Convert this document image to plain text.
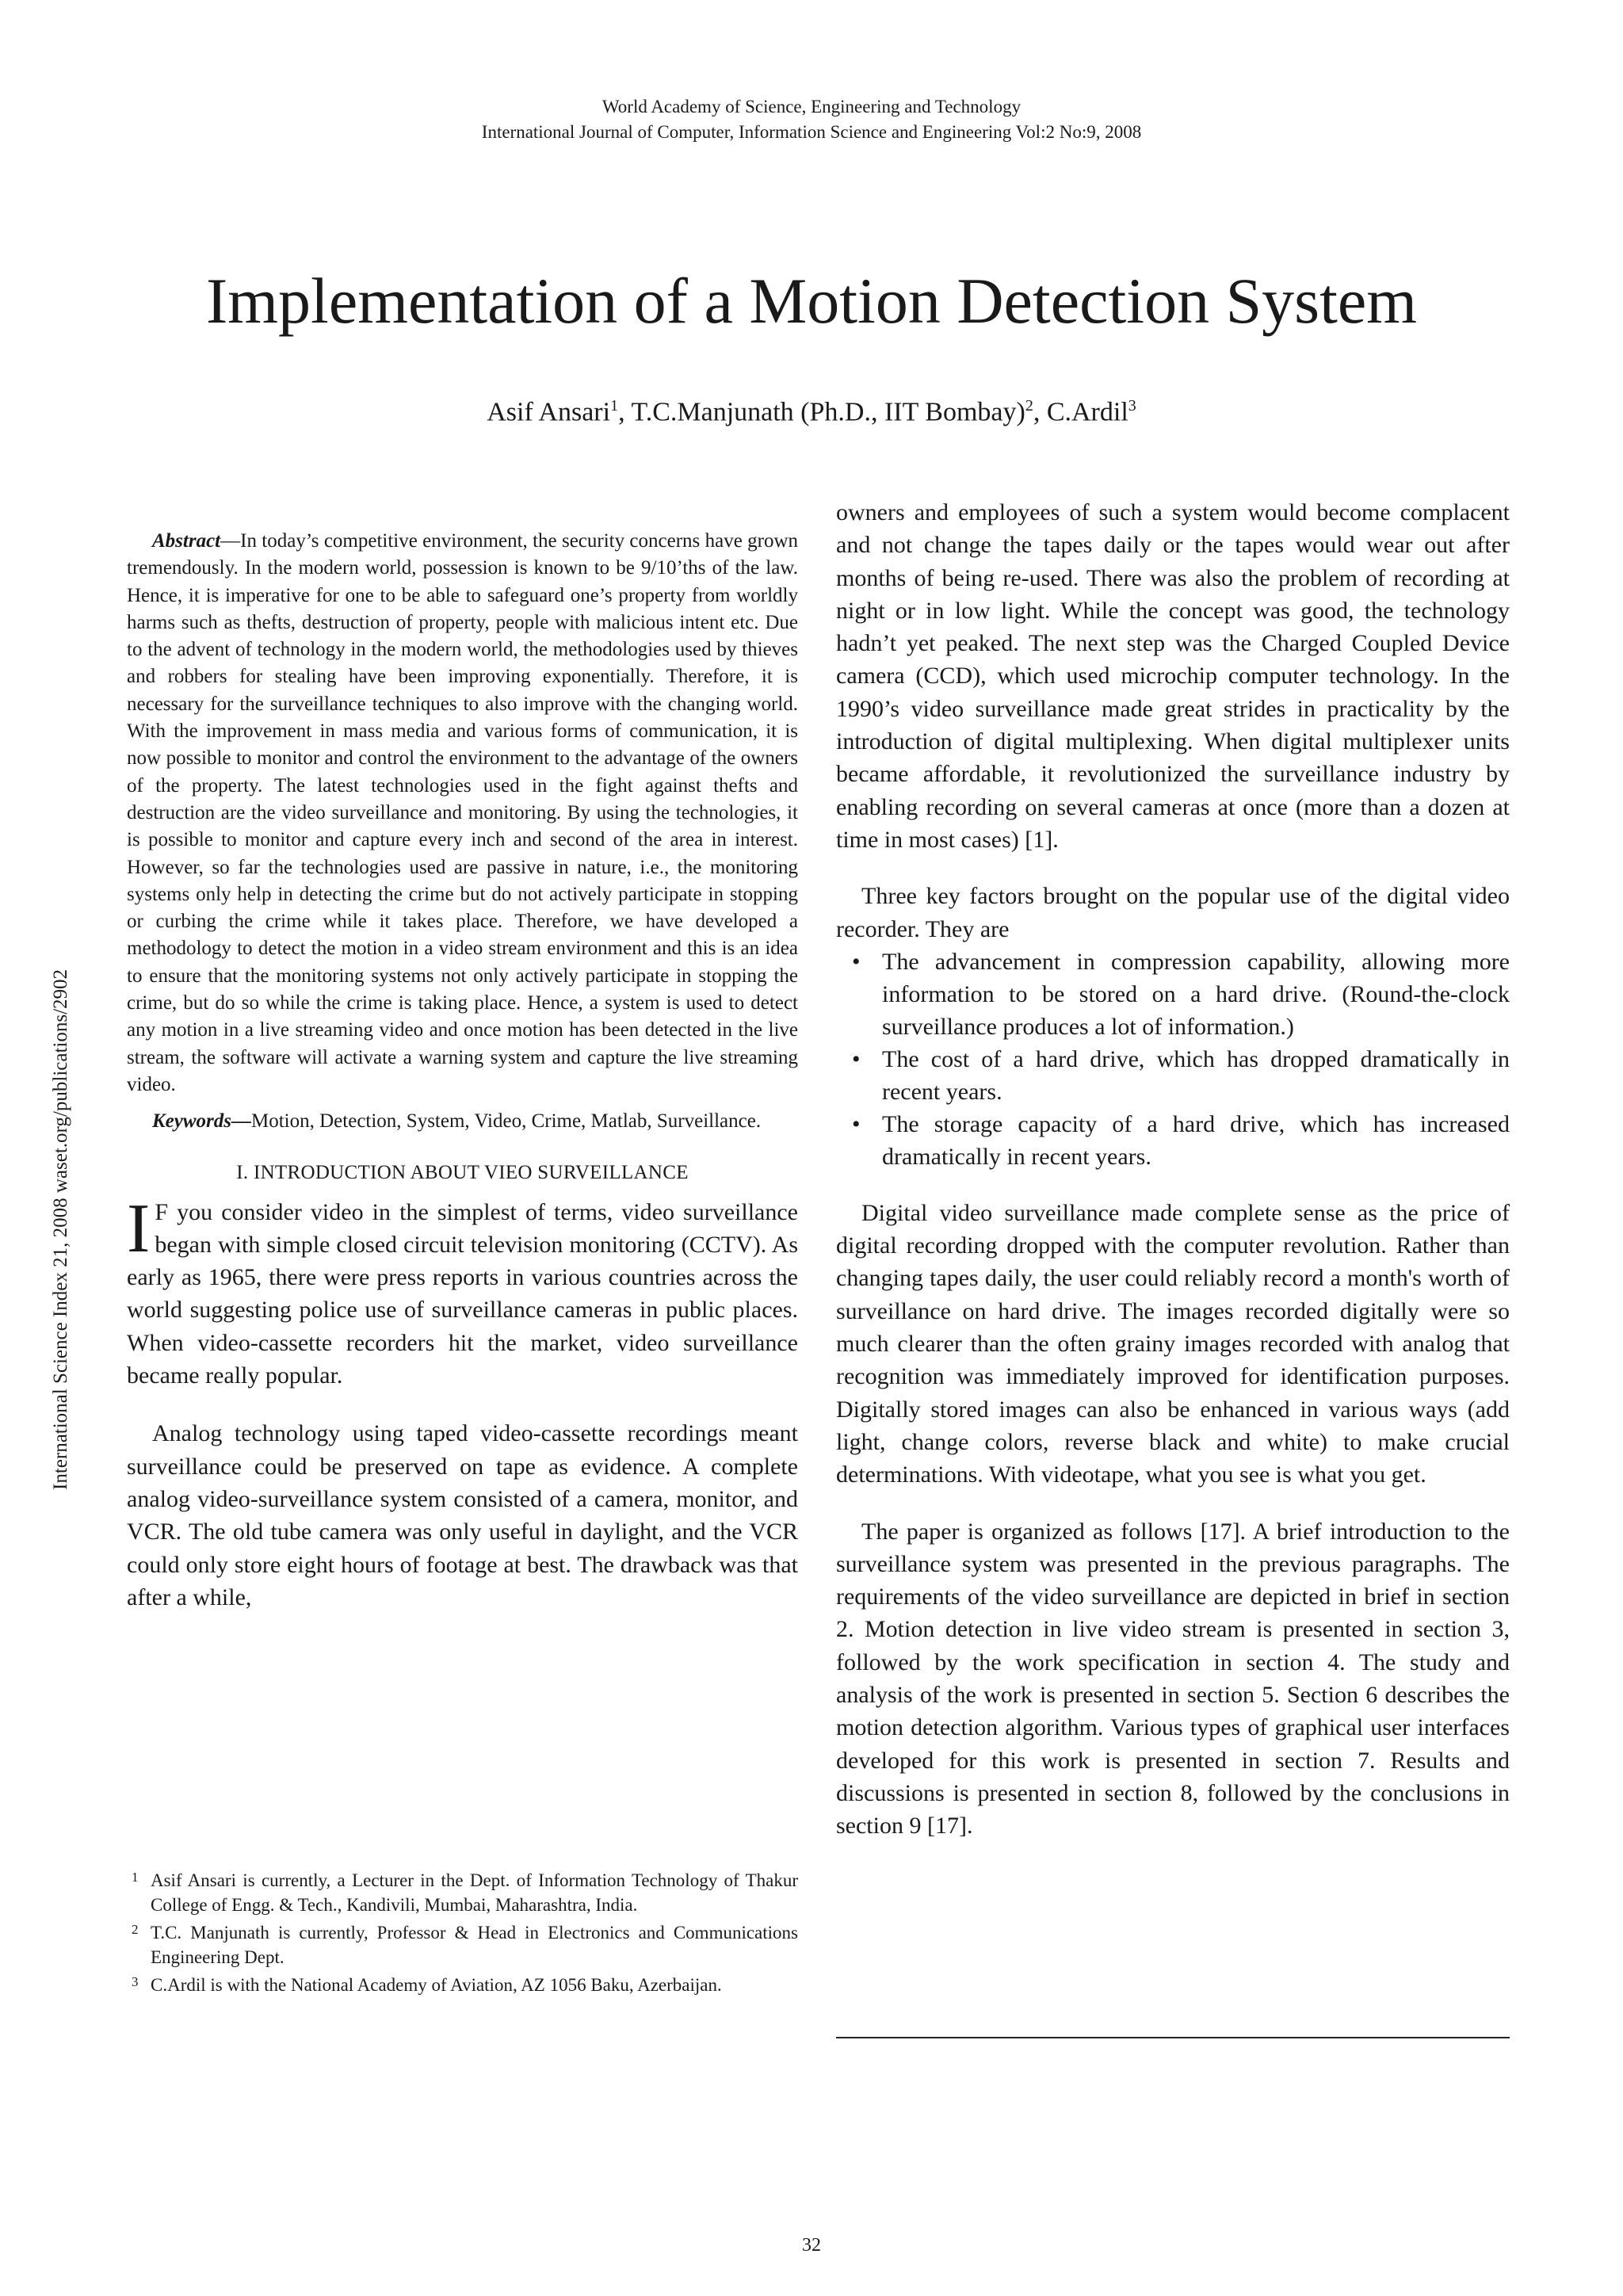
World Academy of Science, Engineering and Technology
International Journal of Computer, Information Science and Engineering Vol:2 No:9, 2008
Implementation of a Motion Detection System
Asif Ansari$^1$, T.C.Manjunath (Ph.D., IIT Bombay)$^2$, C.Ardil$^3$
International Science Index 21, 2008 waset.org/publications/2902

Abstract—In today’s competitive environment, the security concerns have grown tremendously. In the modern world, possession is known to be 9/10’ths of the law. Hence, it is imperative for one to be able to safeguard one’s property from worldly harms such as thefts, destruction of property, people with malicious intent etc. Due to the advent of technology in the modern world, the methodologies used by thieves and robbers for stealing have been improving exponentially. Therefore, it is necessary for the surveillance techniques to also improve with the changing world. With the improvement in mass media and various forms of communication, it is now possible to monitor and control the environment to the advantage of the owners of the property. The latest technologies used in the fight against thefts and destruction are the video surveillance and monitoring. By using the technologies, it is possible to monitor and capture every inch and second of the area in interest. However, so far the technologies used are passive in nature, i.e., the monitoring systems only help in detecting the crime but do not actively participate in stopping or curbing the crime while it takes place. Therefore, we have developed a methodology to detect the motion in a video stream environment and this is an idea to ensure that the monitoring systems not only actively participate in stopping the crime, but do so while the crime is taking place. Hence, a system is used to detect any motion in a live streaming video and once motion has been detected in the live stream, the software will activate a warning system and capture the live streaming video.

Keywords—Motion, Detection, System, Video, Crime, Matlab, Surveillance.

I. INTRODUCTION ABOUT VIEO SURVEILLANCE

I F you consider video in the simplest of terms, video surveillance began with simple closed circuit television monitoring (CCTV). As early as 1965, there were press reports in various countries across the world suggesting police use of surveillance cameras in public places. When video-cassette recorders hit the market, video surveillance became really popular.

Analog technology using taped video-cassette recordings meant surveillance could be preserved on tape as evidence. A complete analog video-surveillance system consisted of a camera, monitor, and VCR. The old tube camera was only useful in daylight, and the VCR could only store eight hours of footage at best. The drawback was that after a while,

1 Asif Ansari is currently, a Lecturer in the Dept. of Information Technology of Thakur College of Engg. & Tech., Kandivili, Mumbai, Maharashtra, India.
2 T.C. Manjunath is currently, Professor & Head in Electronics and Communications Engineering Dept.
3 C.Ardil is with the National Academy of Aviation, AZ 1056 Baku, Azerbaijan.

owners and employees of such a system would become complacent and not change the tapes daily or the tapes would wear out after months of being re-used. There was also the problem of recording at night or in low light. While the concept was good, the technology hadn’t yet peaked. The next step was the Charged Coupled Device camera (CCD), which used microchip computer technology. In the 1990’s video surveillance made great strides in practicality by the introduction of digital multiplexing. When digital multiplexer units became affordable, it revolutionized the surveillance industry by enabling recording on several cameras at once (more than a dozen at time in most cases) [1].

Three key factors brought on the popular use of the digital video recorder. They are

• The advancement in compression capability, allowing more information to be stored on a hard drive. (Round-the-clock surveillance produces a lot of information.)
• The cost of a hard drive, which has dropped dramatically in recent years.
• The storage capacity of a hard drive, which has increased dramatically in recent years.

Digital video surveillance made complete sense as the price of digital recording dropped with the computer revolution. Rather than changing tapes daily, the user could reliably record a month's worth of surveillance on hard drive. The images recorded digitally were so much clearer than the often grainy images recorded with analog that recognition was immediately improved for identification purposes. Digitally stored images can also be enhanced in various ways (add light, change colors, reverse black and white) to make crucial determinations. With videotape, what you see is what you get.

The paper is organized as follows [17]. A brief introduction to the surveillance system was presented in the previous paragraphs. The requirements of the video surveillance are depicted in brief in section 2. Motion detection in live video stream is presented in section 3, followed by the work specification in section 4. The study and analysis of the work is presented in section 5. Section 6 describes the motion detection algorithm. Various types of graphical user interfaces developed for this work is presented in section 7. Results and discussions is presented in section 8, followed by the conclusions in section 9 [17].

32
